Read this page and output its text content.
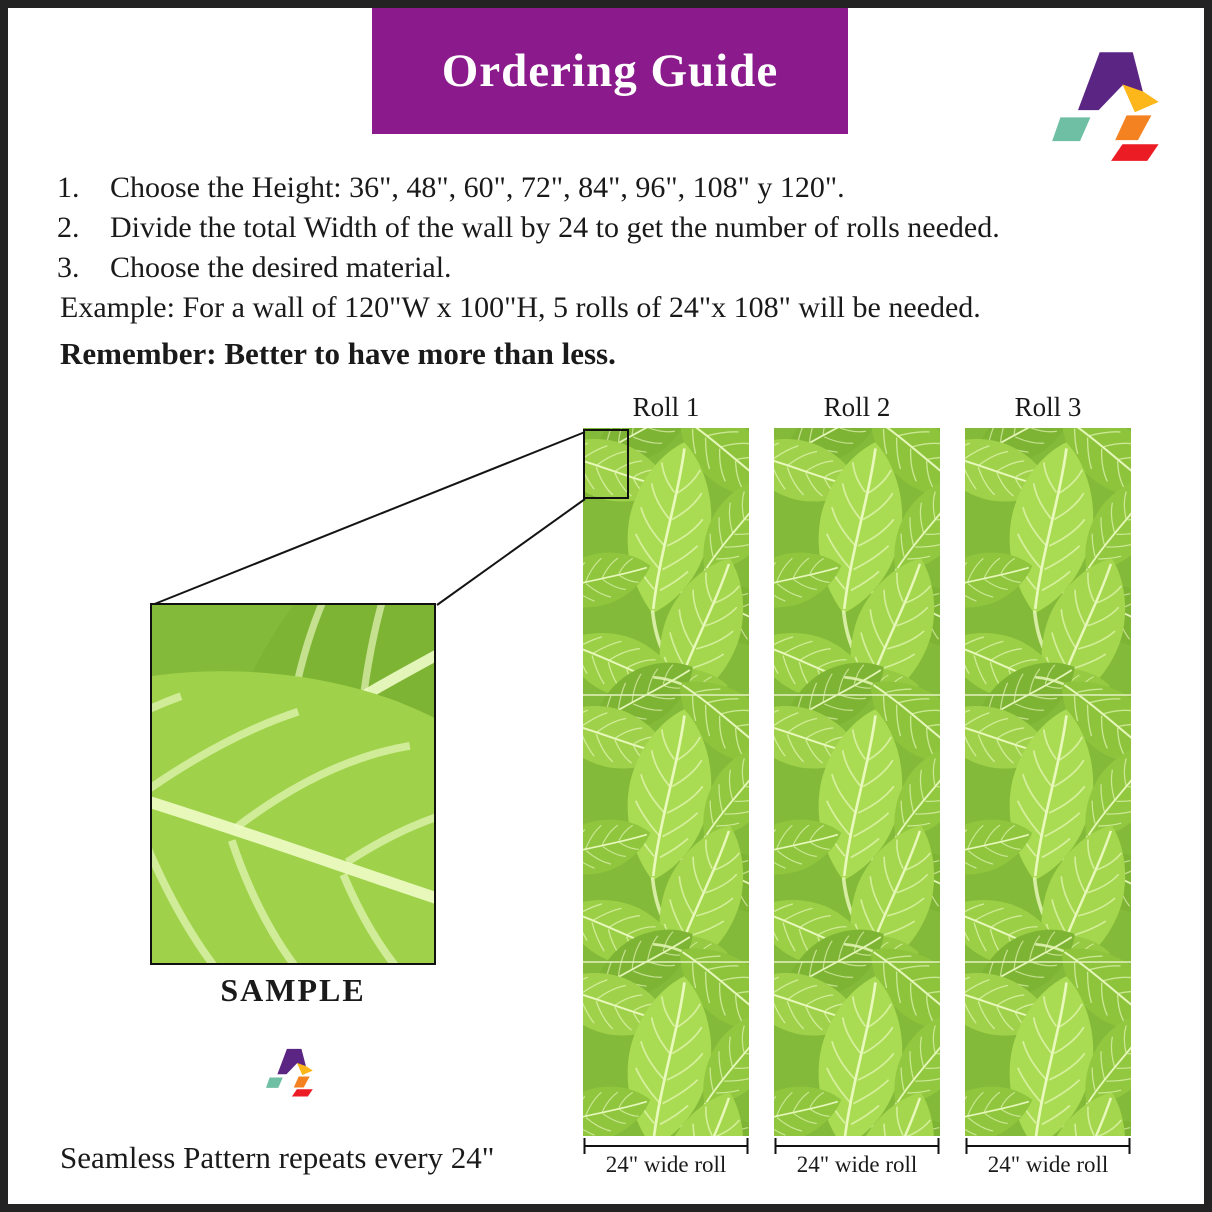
Ordering Guide
1.	Choose the Height: 36", 48", 60", 72", 84", 96", 108" y 120".
2.	Divide the total Width of the wall by 24 to get the number of rolls needed.
3.	Choose the desired material.
Example: For a wall of 120"W x 100"H, 5 rolls of 24"x 108" will be needed.
Remember: Better to have more than less.
Roll 1	Roll 2	Roll 3
SAMPLE
Seamless Pattern repeats every 24"	24" wide roll	24" wide roll	24" wide roll
